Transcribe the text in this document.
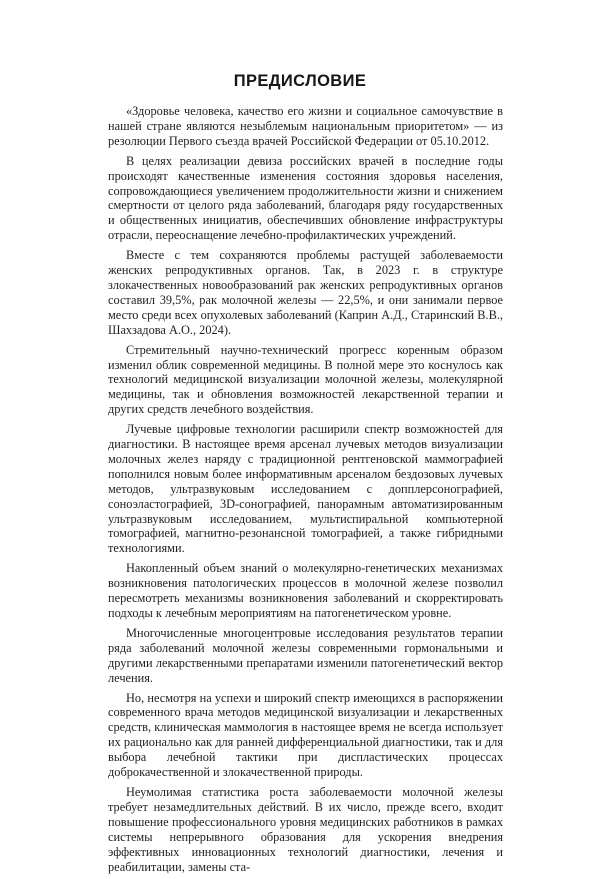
ПРЕДИСЛОВИЕ

«Здоровье человека, качество его жизни и социальное самочувствие в нашей стране являются незыблемым национальным приоритетом» — из резолюции Первого съезда врачей Российской Федерации от 05.10.2012.

В целях реализации девиза российских врачей в последние годы происходят качественные изменения состояния здоровья населения, сопровождающиеся увеличением продолжительности жизни и снижением смертности от целого ряда заболеваний, благодаря ряду государственных и общественных инициатив, обеспечивших обновление инфраструктуры отрасли, переоснащение лечебно-профилактических учреждений.

Вместе с тем сохраняются проблемы растущей заболеваемости женских репродуктивных органов. Так, в 2023 г. в структуре злокачественных новообразований рак женских репродуктивных органов составил 39,5%, рак молочной железы — 22,5%, и они занимали первое место среди всех опухолевых заболеваний (Каприн А.Д., Старинский В.В., Шахзадова А.О., 2024).

Стремительный научно-технический прогресс коренным образом изменил облик современной медицины. В полной мере это коснулось как технологий медицинской визуализации молочной железы, молекулярной медицины, так и обновления возможностей лекарственной терапии и других средств лечебного воздействия.

Лучевые цифровые технологии расширили спектр возможностей для диагностики. В настоящее время арсенал лучевых методов визуализации молочных желез наряду с традиционной рентгеновской маммографией пополнился новым более информативным арсеналом бездозовых лучевых методов, ультразвуковым исследованием с допплерсонографией, соноэластографией, 3D-сонографией, панорамным автоматизированным ультразвуковым исследованием, мультиспиральной компьютерной томографией, магнитно-резонансной томографией, а также гибридными технологиями.

Накопленный объем знаний о молекулярно-генетических механизмах возникновения патологических процессов в молочной железе позволил пересмотреть механизмы возникновения заболеваний и скорректировать подходы к лечебным мероприятиям на патогенетическом уровне.

Многочисленные многоцентровые исследования результатов терапии ряда заболеваний молочной железы современными гормональными и другими лекарственными препаратами изменили патогенетический вектор лечения.

Но, несмотря на успехи и широкий спектр имеющихся в распоряжении современного врача методов медицинской визуализации и лекарственных средств, клиническая маммология в настоящее время не всегда использует их рационально как для ранней дифференциальной диагностики, так и для выбора лечебной тактики при диспластических процессах доброкачественной и злокачественной природы.

Неумолимая статистика роста заболеваемости молочной железы требует незамедлительных действий. В их число, прежде всего, входит повышение профессионального уровня медицинских работников в рамках системы непрерывного образования для ускорения внедрения эффективных инновационных технологий диагностики, лечения и реабилитации, замены ста-
